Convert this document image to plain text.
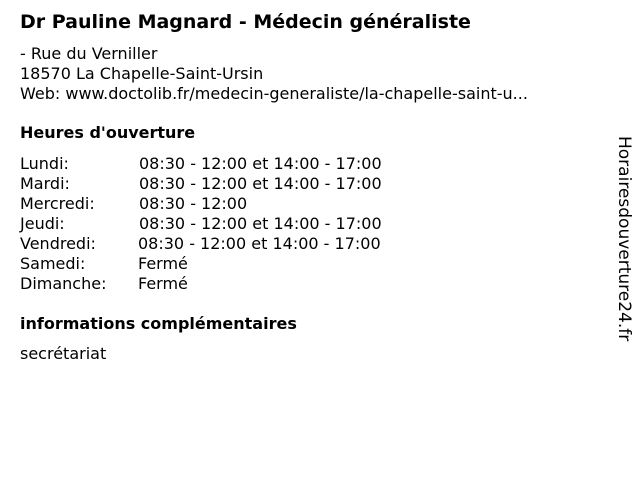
Dr Pauline Magnard - Médecin généraliste
- Rue du Verniller
18570 La Chapelle-Saint-Ursin
Web: www.doctolib.fr/medecin-generaliste/la-chapelle-saint-u...
Heures d'ouverture
Lundi:	08:30 - 12:00 et 14:00 - 17:00
Mardi:	08:30 - 12:00 et 14:00 - 17:00
Mercredi:	08:30 - 12:00
Jeudi:	08:30 - 12:00 et 14:00 - 17:00
Vendredi:	08:30 - 12:00 et 14:00 - 17:00
Samedi:	Fermé
Dimanche: Fermé
informations complémentaires
secrétariat
Horairesdouverture24.fr
